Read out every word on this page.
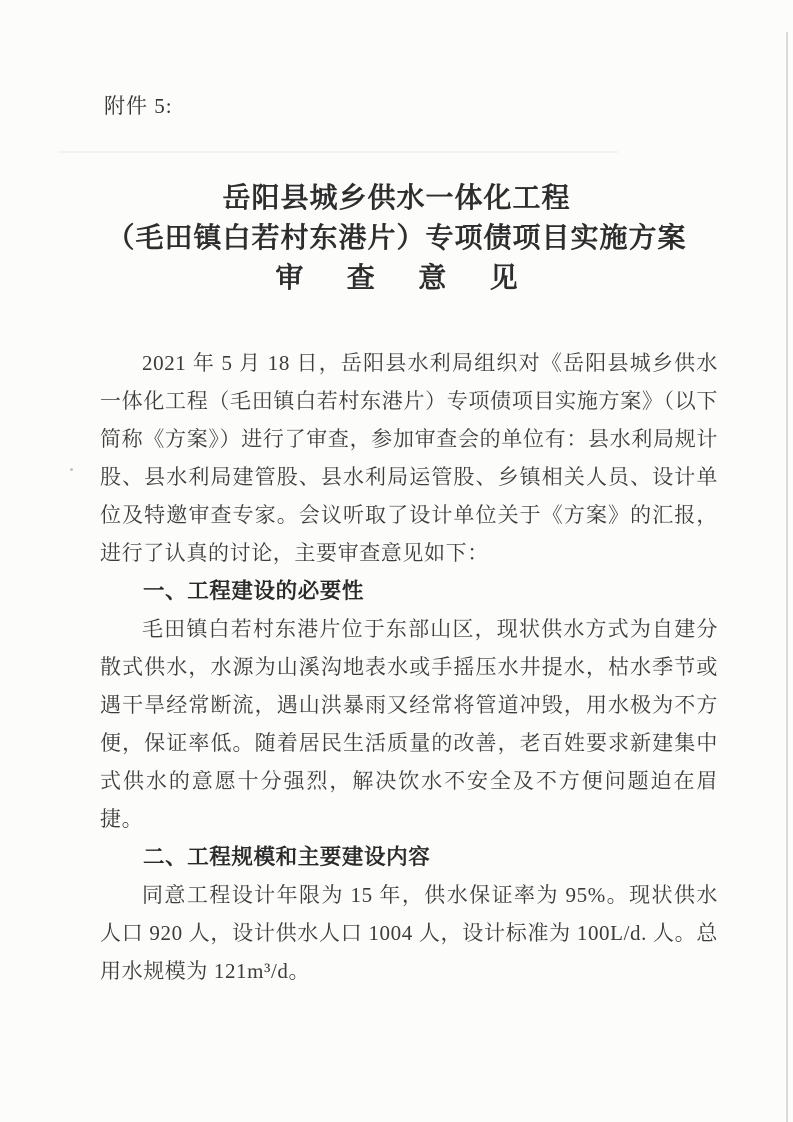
附件 5:
岳阳县城乡供水一体化工程
（毛田镇白若村东港片）专项债项目实施方案
审查意见

2021 年 5 月 18 日，岳阳县水利局组织对《岳阳县城乡供水一体化工程（毛田镇白若村东港片）专项债项目实施方案》（以下简称《方案》）进行了审查，参加审查会的单位有：县水利局规计股、县水利局建管股、县水利局运管股、乡镇相关人员、设计单位及特邀审查专家。会议听取了设计单位关于《方案》的汇报，进行了认真的讨论，主要审查意见如下：

一、工程建设的必要性

毛田镇白若村东港片位于东部山区，现状供水方式为自建分散式供水，水源为山溪沟地表水或手摇压水井提水，枯水季节或遇干旱经常断流，遇山洪暴雨又经常将管道冲毁，用水极为不方便，保证率低。随着居民生活质量的改善，老百姓要求新建集中式供水的意愿十分强烈，解决饮水不安全及不方便问题迫在眉捷。

二、工程规模和主要建设内容

同意工程设计年限为 15 年，供水保证率为 95%。现状供水人口 920 人，设计供水人口 1004 人，设计标准为 100L/d. 人。总用水规模为 121m³/d。
